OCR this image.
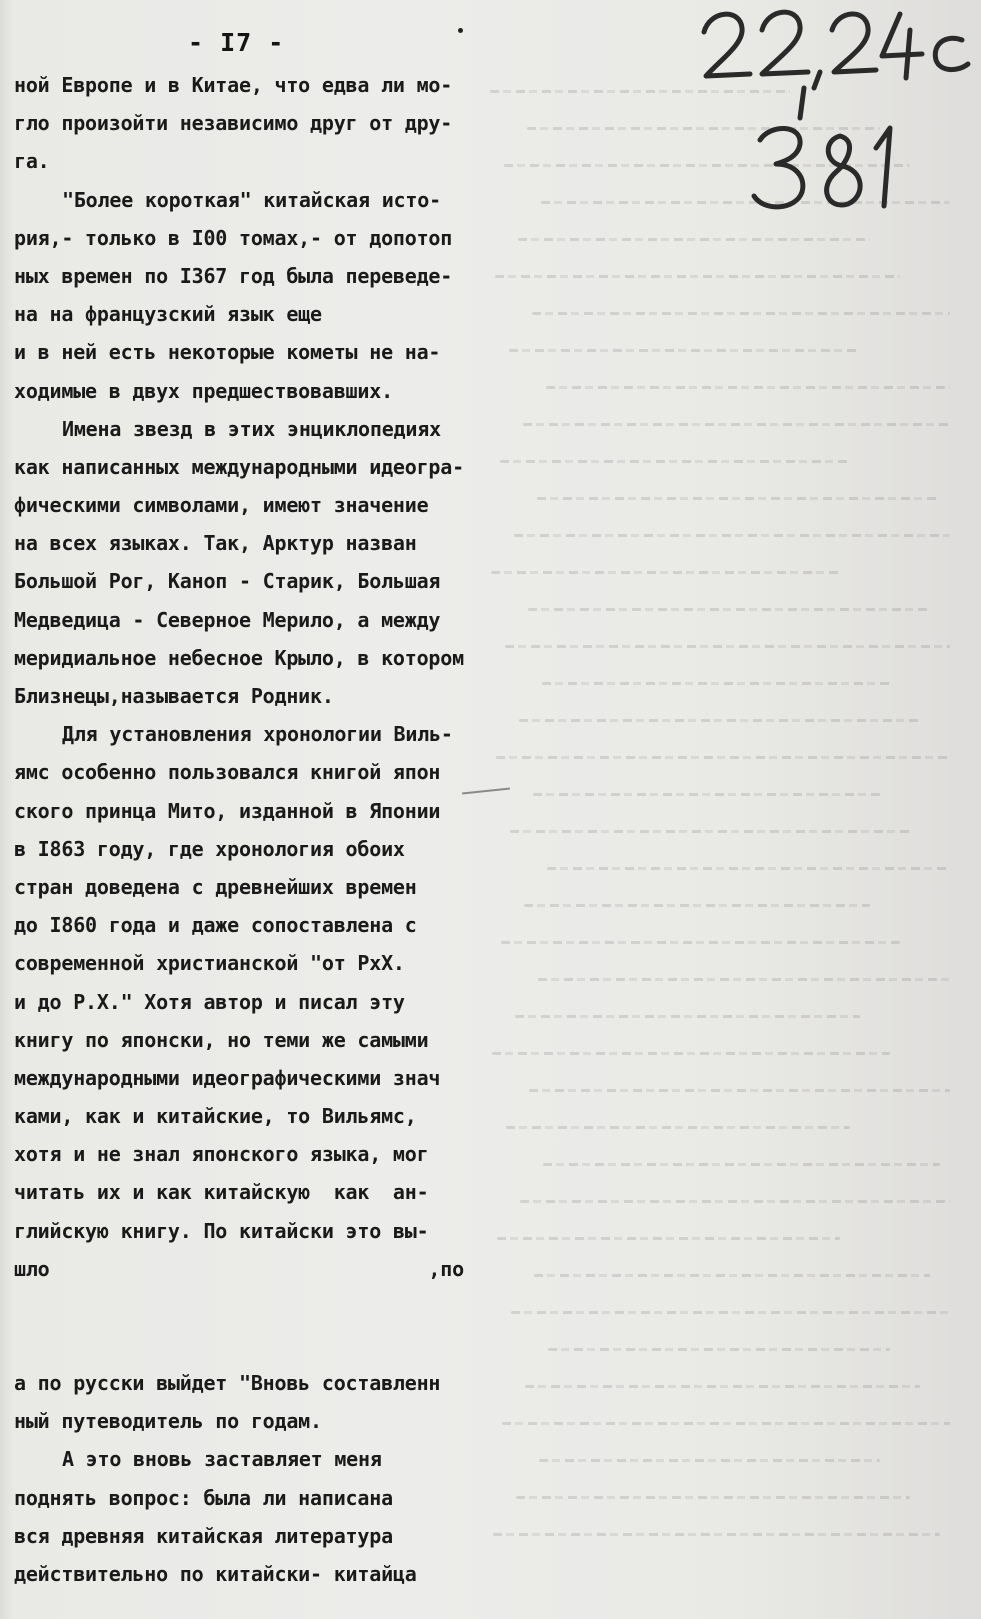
- I7 -
ной Европе и в Китае, что едва ли мо-
гло произойти независимо друг от дру-
га.
"Более короткая" китайская исто-
рия,- только в I00 томах,- от допотоп
ных времен по I367 год была переведе-
на на французский язык еще
и в ней есть некоторые кометы не на-
ходимые в двух предшествовавших.
Имена звезд в этих энциклопедиях
как написанных международными идеогра-
фическими символами, имеют значение
на всех языках. Так, Арктур назван
Большой Рог, Каноп - Старик, Большая
Медведица - Северное Мерило, а между
меридиальное небесное Крыло, в котором
Близнецы,называется Родник.
Для установления хронологии Виль-
ямс особенно пользовался книгой япон
ского принца Мито, изданной в Японии
в I863 году, где хронология обоих
стран доведена с древнейших времен
до I860 года и даже сопоставлена с
современной христианской "от РхХ.
и до Р.Х." Хотя автор и писал эту
книгу по японски, но теми же самыми
международными идеографическими знач
ками, как и китайские, то Вильямс,
хотя и не знал японского языка, мог
читать их и как китайскую  как  ан-
глийскую книгу. По китайски это вы-
шло                                ,по
а по русски выйдет "Вновь составленн
ный путеводитель по годам.
А это вновь заставляет меня
поднять вопрос: была ли написана
вся древняя китайская литература
действительно по китайски- китайца
